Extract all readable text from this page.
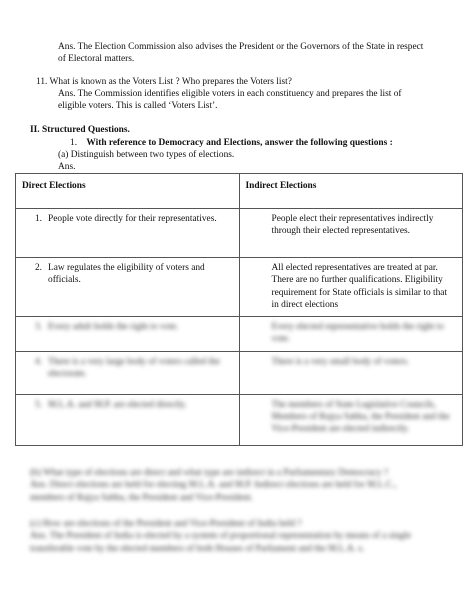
Ans. The Election Commission also advises the President or the Governors of the State in respect of Electoral matters.

11. What is known as the Voters List ? Who prepares the Voters list?

Ans. The Commission identifies eligible voters in each constituency and prepares the list of eligible voters. This is called ‘Voters List’.

II. Structured Questions.

1. With reference to Democracy and Elections, answer the following questions :

(a) Distinguish between two types of elections.

Ans.

Direct Elections	Indirect Elections

1. People vote directly for their representatives.	People elect their representatives indirectly through their elected representatives.

2. Law regulates the eligibility of voters and officials.	All elected representatives are treated at par. There are no further qualifications. Eligibility requirement for State officials is similar to that in direct elections

3. Every adult holds the right to vote.	Every elected representative holds the right to vote.

4. There is a very large body of voters called the electorate.	There is a very small body of voters.

5. M.L.A. and M.P. are elected directly.	The members of State Legislative Councils, Members of Rajya Sabha, the President and the Vice-President are elected indirectly.
(b) What type of elections are direct and what type are indirect in a Parliamentary Democracy ?
Ans. Direct elections are held for electing M.L.A. and M.P. Indirect elections are held for M.L.C., members of Rajya Sabha, the President and Vice-President.
(c) How are elections of the President and Vice-President of India held ?
Ans. The President of India is elected by a system of proportional representation by means of a single transferable vote by the elected members of both Houses of Parliament and the M.L.A. s.
